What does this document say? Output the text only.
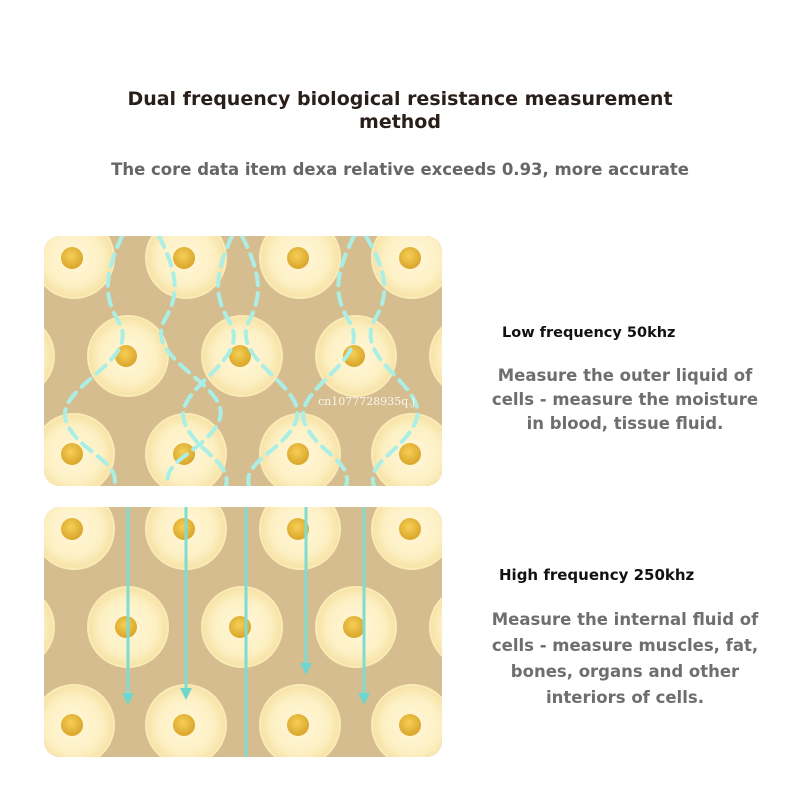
Dual frequency biological resistance measurement method

The core data item dexa relative exceeds 0.93, more accurate

cn1077728935q.j

Low frequency 50khz

Measure the outer liquid of cells - measure the moisture in blood, tissue fluid.

High frequency 250khz

Measure the internal fluid of cells - measure muscles, fat, bones, organs and other interiors of cells.
